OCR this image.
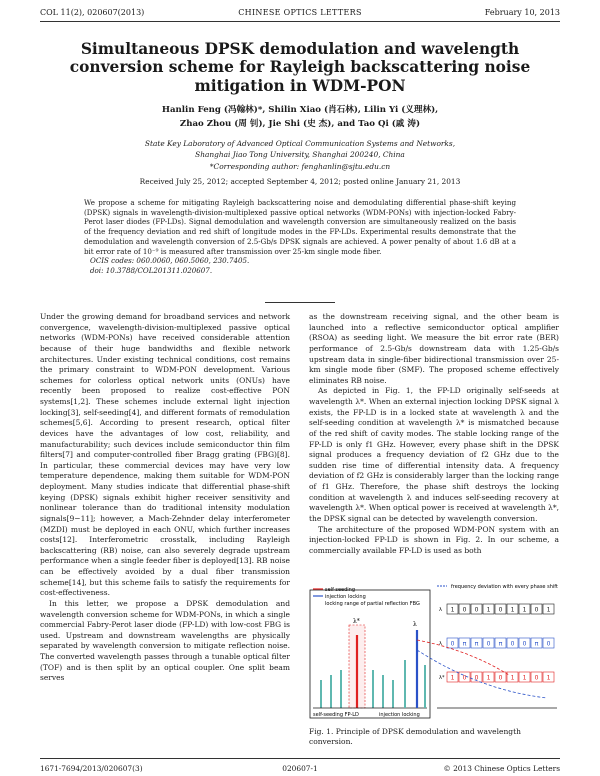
COL 11(2), 020607(2013)	CHINESE OPTICS LETTERS	February 10, 2013
Simultaneous DPSK demodulation and wavelength conversion scheme for Rayleigh backscattering noise mitigation in WDM-PON
Hanlin Feng (冯翰林)*, Shilin Xiao (肖石林), Lilin Yi (义理林),
Zhao Zhou (周 钊), Jie Shi (史 杰), and Tao Qi (戚 涛)
State Key Laboratory of Advanced Optical Communication Systems and Networks,
Shanghai Jiao Tong University, Shanghai 200240, China
*Corresponding author: fenghanlin@sjtu.edu.cn
Received July 25, 2012; accepted September 4, 2012; posted online January 21, 2013
We propose a scheme for mitigating Rayleigh backscattering noise and demodulating differential phase-shift keying (DPSK) signals in wavelength-division-multiplexed passive optical networks (WDM-PONs) with injection-locked Fabry-Perot laser diodes (FP-LDs). Signal demodulation and wavelength conversion are simultaneously realized on the basis of the frequency deviation and red shift of longitude modes in the FP-LDs. Experimental results demonstrate that the demodulation and wavelength conversion of 2.5-Gb/s DPSK signals are achieved. A power penalty of about 1.6 dB at a bit error rate of 10⁻⁹ is measured after transmission over 25-km single mode fiber.
OCIS codes: 060.0060, 060.5060, 230.7405.
doi: 10.3788/COL201311.020607.

Under the growing demand for broadband services and network convergence, wavelength-division-multiplexed passive optical networks (WDM-PONs) have received considerable attention because of their huge bandwidths and flexible network architectures. Under existing technical conditions, cost remains the primary constraint to WDM-PON development. Various schemes for colorless optical network units (ONUs) have recently been proposed to realize cost-effective PON systems[1,2]. These schemes include external light injection locking[3], self-seeding[4], and different formats of remodulation schemes[5,6]. According to present research, optical filter devices have the advantages of low cost, reliability, and manufacturability; such devices include semiconductor thin film filters[7] and computer-controlled fiber Bragg grating (FBG)[8]. In particular, these commercial devices may have very low temperature dependence, making them suitable for WDM-PON deployment. Many studies indicate that differential phase-shift keying (DPSK) signals exhibit higher receiver sensitivity and nonlinear tolerance than do traditional intensity modulation signals[9−11]; however, a Mach-Zehnder delay interferometer (MZDI) must be deployed in each ONU, which further increases costs[12]. Interferometric crosstalk, including Rayleigh backscattering (RB) noise, can also severely degrade upstream performance when a single feeder fiber is deployed[13]. RB noise can be effectively avoided by a dual fiber transmission scheme[14], but this scheme fails to satisfy the requirements for cost-effectiveness.

In this letter, we propose a DPSK demodulation and wavelength conversion scheme for WDM-PONs, in which a single commercial Fabry-Perot laser diode (FP-LD) with low-cost FBG is used. Upstream and downstream wavelengths are physically separated by wavelength conversion to mitigate reflection noise. The converted wavelength passes through a tunable optical filter (TOF) and is then split by an optical coupler. One split beam serves

as the downstream receiving signal, and the other beam is launched into a reflective semiconductor optical amplifier (RSOA) as seeding light. We measure the bit error rate (BER) performance of 2.5-Gb/s downstream data with 1.25-Gb/s upstream data in single-fiber bidirectional transmission over 25-km single mode fiber (SMF). The proposed scheme effectively eliminates RB noise.

As depicted in Fig. 1, the FP-LD originally self-seeds at wavelength λ*. When an external injection locking DPSK signal λ exists, the FP-LD is in a locked state at wavelength λ and the self-seeding condition at wavelength λ* is mismatched because of the red shift of cavity modes. The stable locking range of the FP-LD is only f1 GHz. However, every phase shift in the DPSK signal produces a frequency deviation of f2 GHz due to the sudden rise time of differential intensity data. A frequency deviation of f2 GHz is considerably larger than the locking range of f1 GHz. Therefore, the phase shift destroys the locking condition at wavelength λ and induces self-seeding recovery at wavelength λ*. When optical power is received at wavelength λ*, the DPSK signal can be detected by wavelength conversion.

The architecture of the proposed WDM-PON system with an injection-locked FP-LD is shown in Fig. 2. In our scheme, a commercially available FP-LD is used as both

self-seeding
injection locking
locking range of partial reflection FBG
λ*
self-seeding FP-LD	injection locking
λ
frequency deviation with every phase shift
λ
λ
λ*
1 0 0 1 0 1 1 0 1
0 π π 0 π 0 0 π 0
1 0 0 1 0 1 1 0 1
Fig. 1. Principle of DPSK demodulation and wavelength conversion.
1671-7694/2013/020607(3)	020607-1	© 2013 Chinese Optics Letters
